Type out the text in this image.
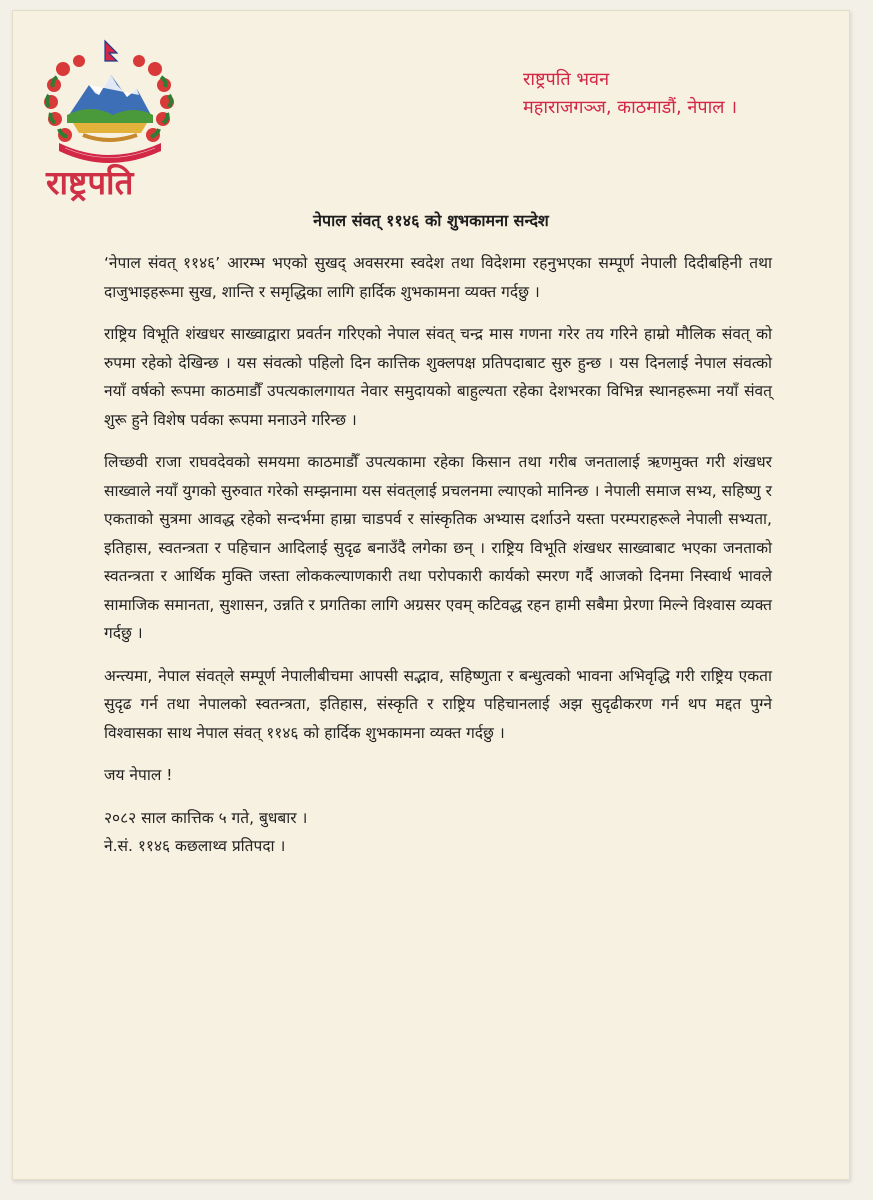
राष्ट्रपति
राष्ट्रपति भवन
महाराजगञ्ज, काठमाडौं, नेपाल ।
नेपाल संवत् ११४६ को शुभकामना सन्देश

‘नेपाल संवत् ११४६’ आरम्भ भएको सुखद् अवसरमा स्वदेश तथा विदेशमा रहनुभएका सम्पूर्ण नेपाली दिदीबहिनी तथा दाजुभाइहरूमा सुख, शान्ति र समृद्धिका लागि हार्दिक शुभकामना व्यक्त गर्दछु ।

राष्ट्रिय विभूति शंखधर साख्वाद्वारा प्रवर्तन गरिएको नेपाल संवत् चन्द्र मास गणना गरेर तय गरिने हाम्रो मौलिक संवत् को रुपमा रहेको देखिन्छ । यस संवत्को पहिलो दिन कात्तिक शुक्लपक्ष प्रतिपदाबाट सुरु हुन्छ । यस दिनलाई नेपाल संवत्को नयाँ वर्षको रूपमा काठमाडौँ उपत्यकालगायत नेवार समुदायको बाहुल्यता रहेका देशभरका विभिन्न स्थानहरूमा नयाँ संवत् शुरू हुने विशेष पर्वका रूपमा मनाउने गरिन्छ ।

लिच्छवी राजा राघवदेवको समयमा काठमाडौँ उपत्यकामा रहेका किसान तथा गरीब जनतालाई ऋणमुक्त गरी शंखधर साख्वाले नयाँ युगको सुरुवात गरेको सम्झनामा यस संवत्‌लाई प्रचलनमा ल्याएको मानिन्छ । नेपाली समाज सभ्य, सहिष्णु र एकताको सुत्रमा आवद्ध रहेको सन्दर्भमा हाम्रा चाडपर्व र सांस्कृतिक अभ्यास दर्शाउने यस्ता परम्पराहरूले नेपाली सभ्यता, इतिहास, स्वतन्त्रता र पहिचान आदिलाई सुदृढ बनाउँदै लगेका छन् । राष्ट्रिय विभूति शंखधर साख्वाबाट भएका जनताको स्वतन्त्रता र आर्थिक मुक्ति जस्ता लोककल्याणकारी तथा परोपकारी कार्यको स्मरण गर्दै आजको दिनमा निस्वार्थ भावले सामाजिक समानता, सुशासन, उन्नति र प्रगतिका लागि अग्रसर एवम् कटिवद्ध रहन हामी सबैमा प्रेरणा मिल्ने विश्वास व्यक्त गर्दछु ।

अन्त्यमा, नेपाल संवत्‌ले सम्पूर्ण नेपालीबीचमा आपसी सद्भाव, सहिष्णुता र बन्धुत्वको भावना अभिवृद्धि गरी राष्ट्रिय एकता सुदृढ गर्न तथा नेपालको स्वतन्त्रता, इतिहास, संस्कृति र राष्ट्रिय पहिचानलाई अझ सुदृढीकरण गर्न थप मद्दत पुग्ने विश्वासका साथ नेपाल संवत् ११४६ को हार्दिक शुभकामना व्यक्त गर्दछु ।

जय नेपाल !

२०८२ साल कात्तिक ५ गते, बुधबार ।

ने.सं. ११४६ कछलाथ्व प्रतिपदा ।
